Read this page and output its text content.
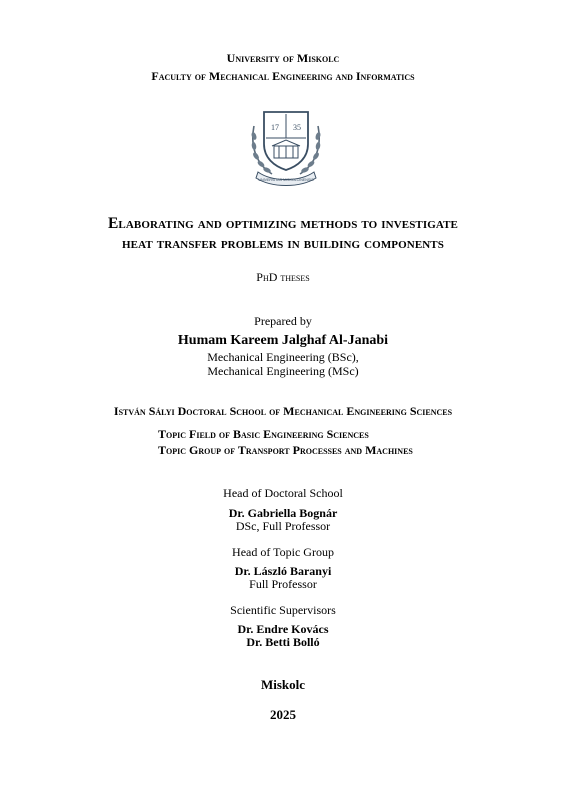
University of Miskolc
Faculty of Mechanical Engineering and Informatics
17 35
UNIVERSITAS MISKOLCINENSIS
Elaborating and optimizing methods to investigate
heat transfer problems in building components
PhD theses
Prepared by
Humam Kareem Jalghaf Al-Janabi
Mechanical Engineering (BSc),
Mechanical Engineering (MSc)
István Sályi Doctoral School of Mechanical Engineering Sciences
Topic Field of Basic Engineering Sciences
Topic Group of Transport Processes and Machines
Head of Doctoral School
Dr. Gabriella Bognár
DSc, Full Professor
Head of Topic Group
Dr. László Baranyi
Full Professor
Scientific Supervisors
Dr. Endre Kovács
Dr. Betti Bolló
Miskolc
2025
